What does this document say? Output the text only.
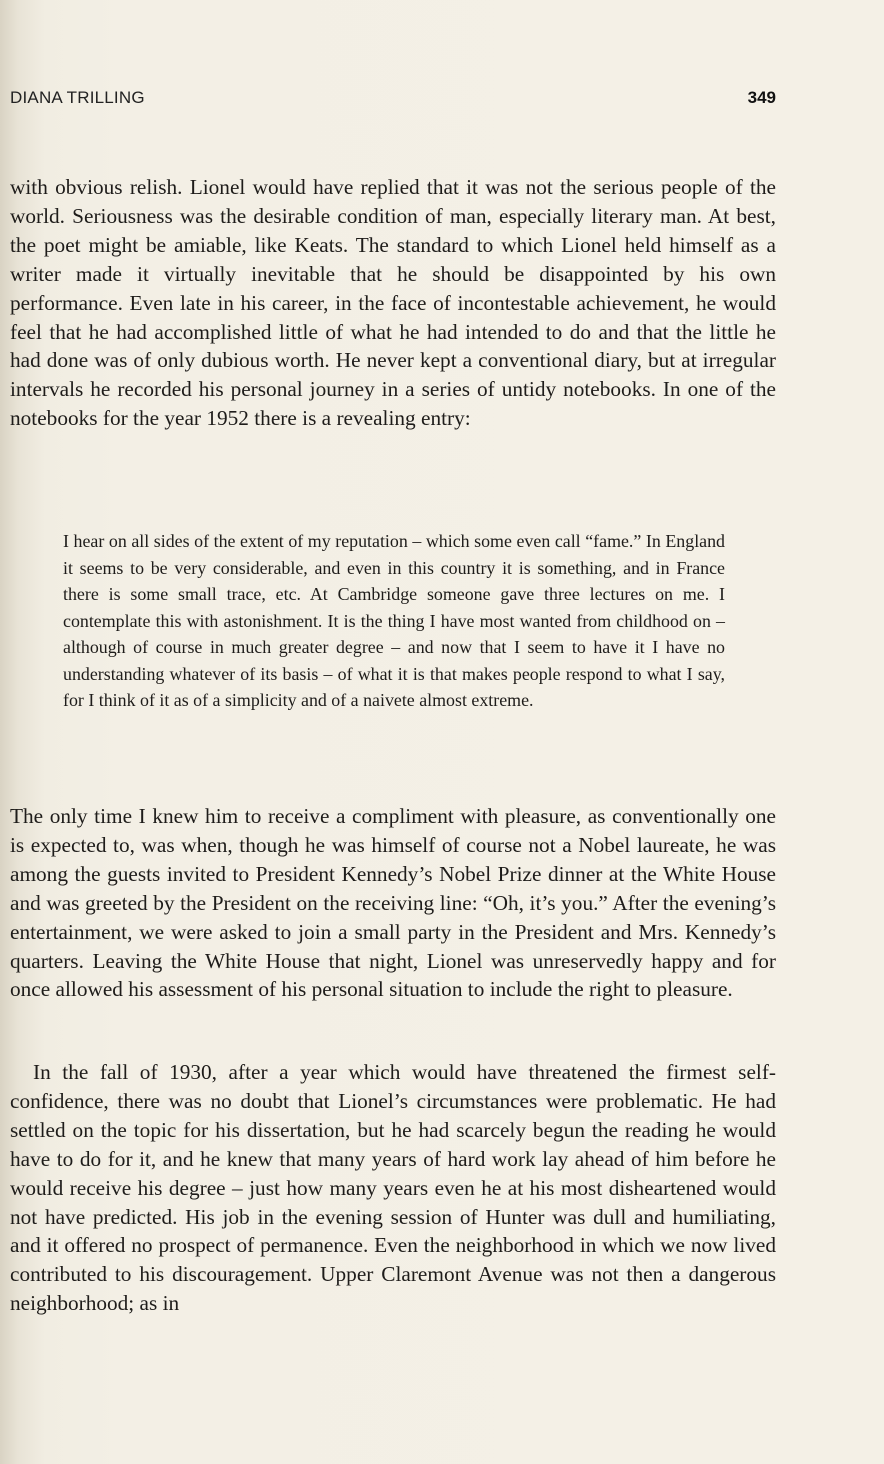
DIANA TRILLING	349

with obvious relish. Lionel would have replied that it was not the serious people of the world. Seriousness was the desirable condition of man, especially literary man. At best, the poet might be amiable, like Keats. The standard to which Lionel held himself as a writer made it virtually inevitable that he should be disappointed by his own performance. Even late in his career, in the face of incontestable achievement, he would feel that he had accomplished little of what he had intended to do and that the little he had done was of only dubious worth. He never kept a conventional diary, but at irregular intervals he recorded his personal journey in a series of untidy notebooks. In one of the notebooks for the year 1952 there is a revealing entry:

I hear on all sides of the extent of my reputation – which some even call “fame.” In England it seems to be very considerable, and even in this country it is something, and in France there is some small trace, etc. At Cambridge someone gave three lectures on me. I contemplate this with astonishment. It is the thing I have most wanted from childhood on – although of course in much greater degree – and now that I seem to have it I have no understanding whatever of its basis – of what it is that makes people respond to what I say, for I think of it as of a simplicity and of a naivete almost extreme.

The only time I knew him to receive a compliment with pleasure, as conventionally one is expected to, was when, though he was himself of course not a Nobel laureate, he was among the guests invited to President Kennedy’s Nobel Prize dinner at the White House and was greeted by the President on the receiving line: “Oh, it’s you.” After the evening’s entertainment, we were asked to join a small party in the President and Mrs. Kennedy’s quarters. Leaving the White House that night, Lionel was unreservedly happy and for once allowed his assessment of his personal situation to include the right to pleasure.

In the fall of 1930, after a year which would have threatened the firmest self-confidence, there was no doubt that Lionel’s circumstances were problematic. He had settled on the topic for his dissertation, but he had scarcely begun the reading he would have to do for it, and he knew that many years of hard work lay ahead of him before he would receive his degree – just how many years even he at his most disheartened would not have predicted. His job in the evening session of Hunter was dull and humiliating, and it offered no prospect of permanence. Even the neighborhood in which we now lived contributed to his discouragement. Upper Claremont Avenue was not then a dangerous neighborhood; as in
